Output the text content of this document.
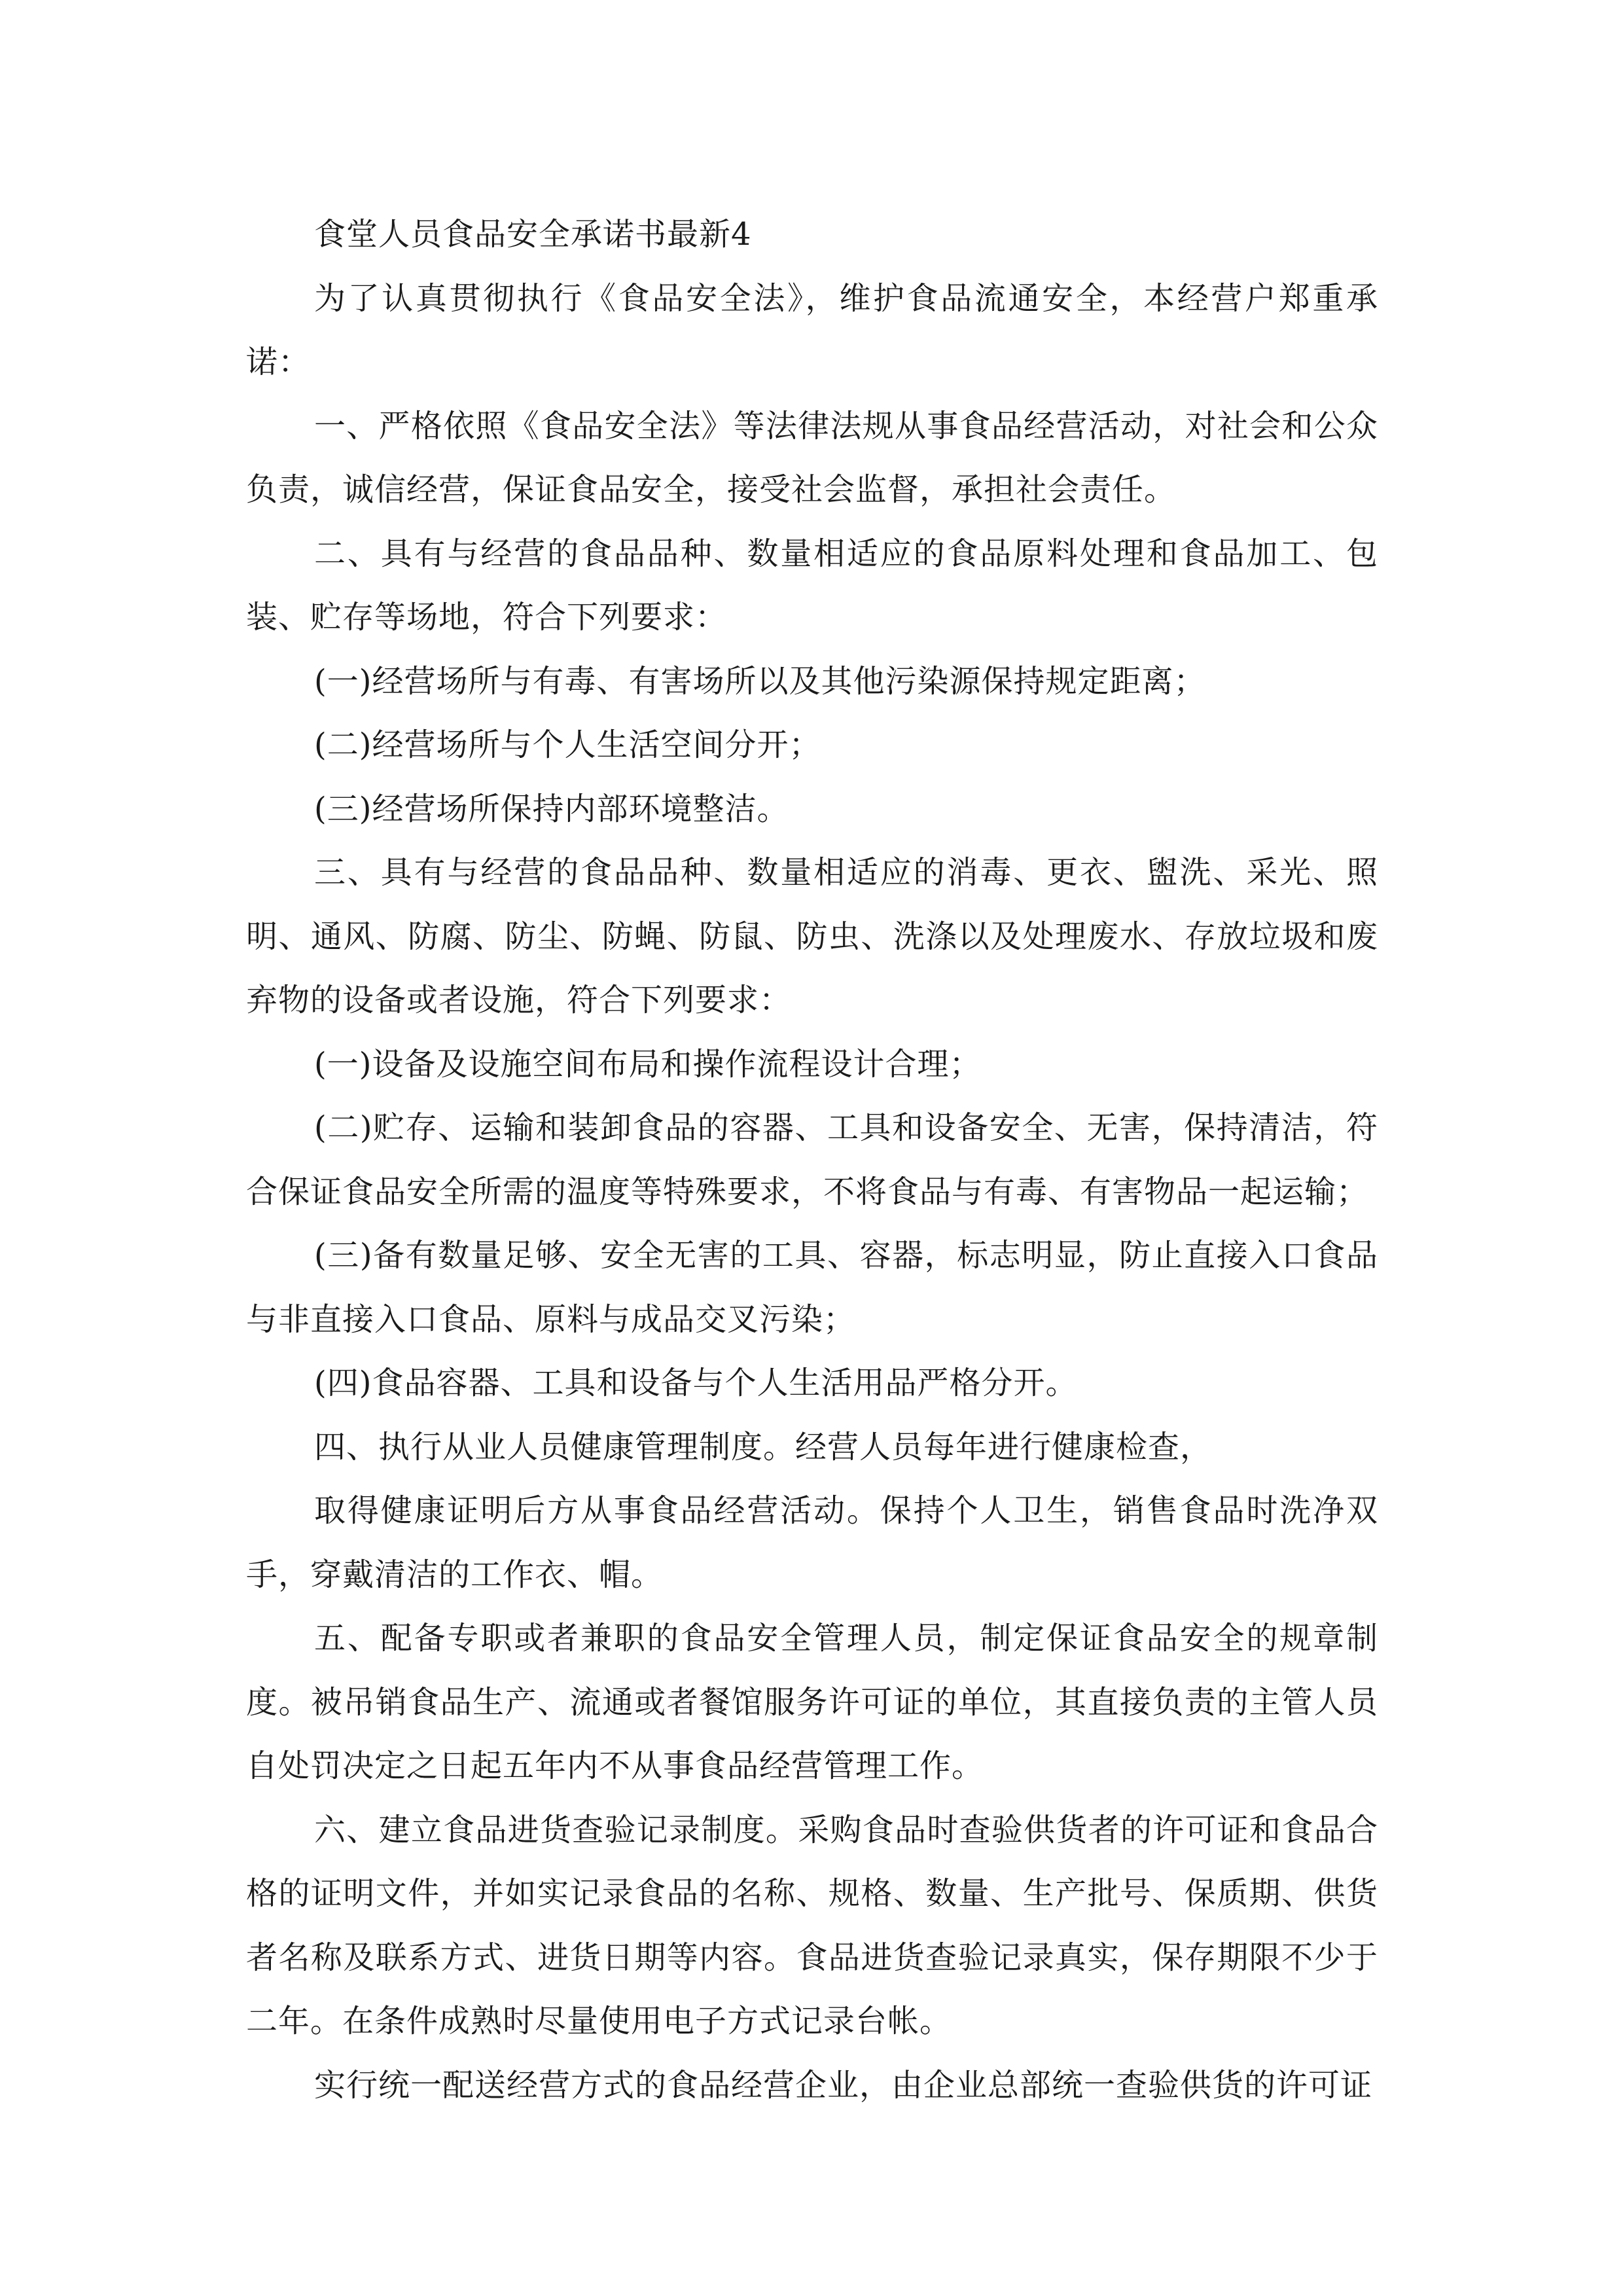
食堂人员食品安全承诺书最新4

为了认真贯彻执行《食品安全法》，维护食品流通安全，本经营户郑重承诺：

一、严格依照《食品安全法》等法律法规从事食品经营活动，对社会和公众负责，诚信经营，保证食品安全，接受社会监督，承担社会责任。

二、具有与经营的食品品种、数量相适应的食品原料处理和食品加工、包装、贮存等场地，符合下列要求：

(一)经营场所与有毒、有害场所以及其他污染源保持规定距离；

(二)经营场所与个人生活空间分开；

(三)经营场所保持内部环境整洁。

三、具有与经营的食品品种、数量相适应的消毒、更衣、盥洗、采光、照明、通风、防腐、防尘、防蝇、防鼠、防虫、洗涤以及处理废水、存放垃圾和废弃物的设备或者设施，符合下列要求：

(一)设备及设施空间布局和操作流程设计合理；

(二)贮存、运输和装卸食品的容器、工具和设备安全、无害，保持清洁，符合保证食品安全所需的温度等特殊要求，不将食品与有毒、有害物品一起运输；

(三)备有数量足够、安全无害的工具、容器，标志明显，防止直接入口食品与非直接入口食品、原料与成品交叉污染；

(四)食品容器、工具和设备与个人生活用品严格分开。

四、执行从业人员健康管理制度。经营人员每年进行健康检查，

取得健康证明后方从事食品经营活动。保持个人卫生，销售食品时洗净双手，穿戴清洁的工作衣、帽。

五、配备专职或者兼职的食品安全管理人员，制定保证食品安全的规章制度。被吊销食品生产、流通或者餐馆服务许可证的单位，其直接负责的主管人员自处罚决定之日起五年内不从事食品经营管理工作。

六、建立食品进货查验记录制度。采购食品时查验供货者的许可证和食品合格的证明文件，并如实记录食品的名称、规格、数量、生产批号、保质期、供货者名称及联系方式、进货日期等内容。食品进货查验记录真实，保存期限不少于二年。在条件成熟时尽量使用电子方式记录台帐。

实行统一配送经营方式的食品经营企业，由企业总部统一查验供货的许可证
